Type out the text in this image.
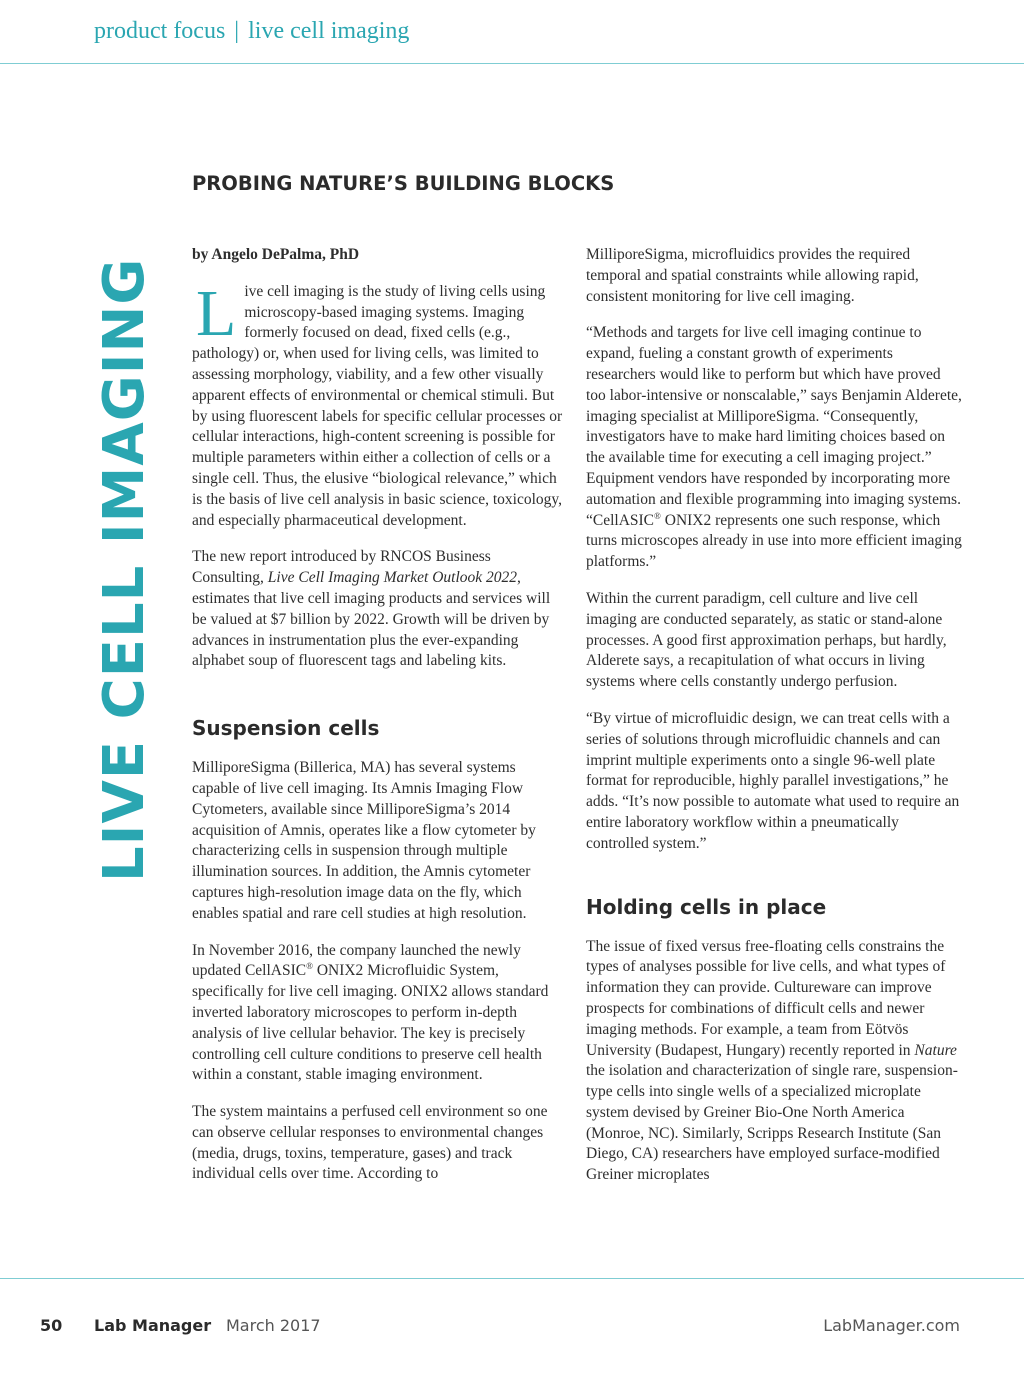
product focus | live cell imaging
LIVE CELL IMAGING
PROBING NATURE’S BUILDING BLOCKS

by Angelo DePalma, PhD

Live cell imaging is the study of living cells using microscopy-based imaging systems. Imaging formerly focused on dead, fixed cells (e.g., pathology) or, when used for living cells, was limited to assessing morphology, viability, and a few other visually apparent effects of environmental or chemical stimuli. But by using fluorescent labels for specific cellular processes or cellular interactions, high-content screening is possible for multiple parameters within either a collection of cells or a single cell. Thus, the elusive “biological relevance,” which is the basis of live cell analysis in basic science, toxicology, and especially pharmaceutical development.

The new report introduced by RNCOS Business Consulting, Live Cell Imaging Market Outlook 2022, estimates that live cell imaging products and services will be valued at $7 billion by 2022. Growth will be driven by advances in instrumentation plus the ever-expanding alphabet soup of fluorescent tags and labeling kits.

Suspension cells

MilliporeSigma (Billerica, MA) has several systems capable of live cell imaging. Its Amnis Imaging Flow Cytometers, available since MilliporeSigma’s 2014 acquisition of Amnis, operates like a flow cytometer by characterizing cells in suspension through multiple illumination sources. In addition, the Amnis cytometer captures high-resolution image data on the fly, which enables spatial and rare cell studies at high resolution.

In November 2016, the company launched the newly updated CellASIC® ONIX2 Microfluidic System, specifically for live cell imaging. ONIX2 allows standard inverted laboratory microscopes to perform in-depth analysis of live cellular behavior. The key is precisely controlling cell culture conditions to preserve cell health within a constant, stable imaging environment.

The system maintains a perfused cell environment so one can observe cellular responses to environmental changes (media, drugs, toxins, temperature, gases) and track individual cells over time. According to

MilliporeSigma, microfluidics provides the required temporal and spatial constraints while allowing rapid, consistent monitoring for live cell imaging.

“Methods and targets for live cell imaging continue to expand, fueling a constant growth of experiments researchers would like to perform but which have proved too labor-intensive or nonscalable,” says Benjamin Alderete, imaging specialist at MilliporeSigma. “Consequently, investigators have to make hard limiting choices based on the available time for executing a cell imaging project.” Equipment vendors have responded by incorporating more automation and flexible programming into imaging systems. “CellASIC® ONIX2 represents one such response, which turns microscopes already in use into more efficient imaging platforms.”

Within the current paradigm, cell culture and live cell imaging are conducted separately, as static or stand-alone processes. A good first approximation perhaps, but hardly, Alderete says, a recapitulation of what occurs in living systems where cells constantly undergo perfusion.

“By virtue of microfluidic design, we can treat cells with a series of solutions through microfluidic channels and can imprint multiple experiments onto a single 96-well plate format for reproducible, highly parallel investigations,” he adds. “It’s now possible to automate what used to require an entire laboratory workflow within a pneumatically controlled system.”

Holding cells in place

The issue of fixed versus free-floating cells constrains the types of analyses possible for live cells, and what types of information they can provide. Cultureware can improve prospects for combinations of difficult cells and newer imaging methods. For example, a team from Eötvös University (Budapest, Hungary) recently reported in Nature the isolation and characterization of single rare, suspension-type cells into single wells of a specialized microplate system devised by Greiner Bio-One North America (Monroe, NC). Similarly, Scripps Research Institute (San Diego, CA) researchers have employed surface-modified Greiner microplates

50 Lab Manager March 2017	LabManager.com
